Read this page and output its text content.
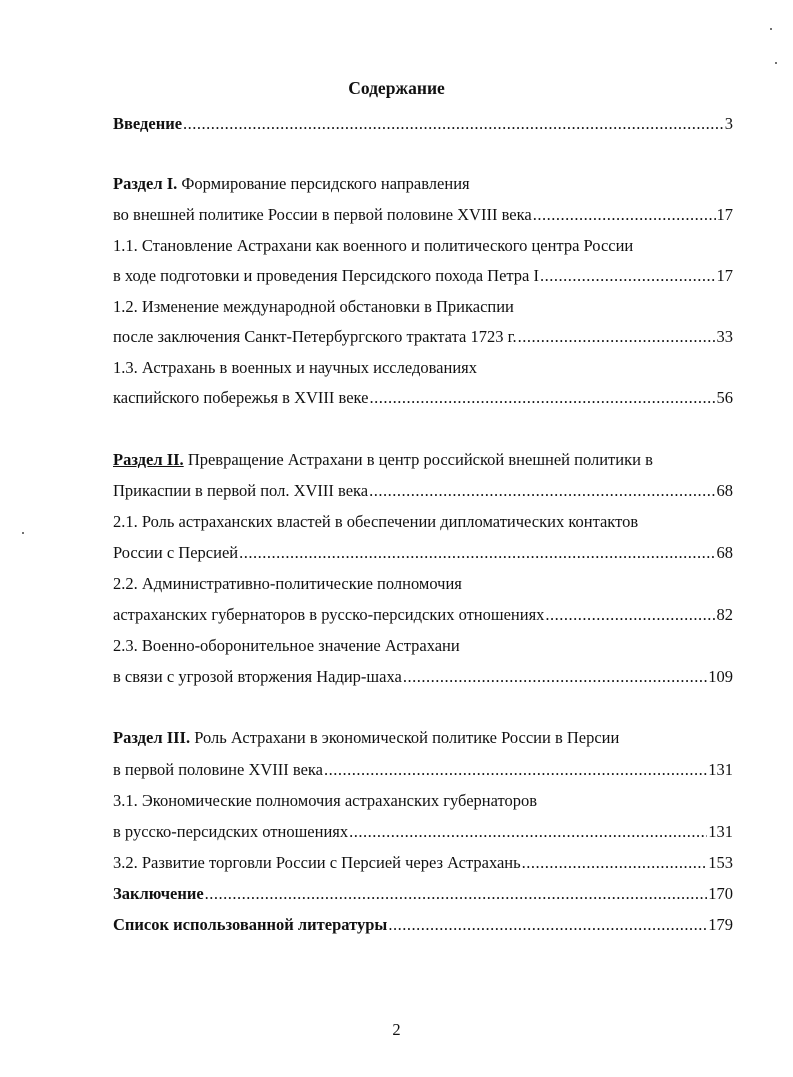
Содержание
Введение .....	3
Раздел I. Формирование персидского направления
во внешней политике России в первой половине XVIII века .....	17
1.1. Становление Астрахани как военного и политического центра России
в ходе подготовки и проведения Персидского похода Петра I .....	17
1.2. Изменение международной обстановки в Прикаспии
после заключения Санкт-Петербургского трактата 1723 г. .....	33
1.3. Астрахань в военных и научных исследованиях
каспийского побережья в XVIII веке .....	56
Раздел II. Превращение Астрахани в центр российской внешней политики в
Прикаспии в первой пол. XVIII века .....	68
2.1. Роль астраханских властей в обеспечении дипломатических контактов
России с Персией .....	68
2.2. Административно-политические полномочия
астраханских губернаторов в русско-персидских отношениях .....	82
2.3. Военно-оборонительное значение Астрахани
в связи с угрозой вторжения Надир-шаха .....	109
Раздел III. Роль Астрахани в экономической политике России в Персии
в первой половине XVIII века .....	131
3.1. Экономические полномочия астраханских губернаторов
в русско-персидских отношениях .....	131
3.2. Развитие торговли России с Персией через Астрахань .....	153
Заключение .....	170
Список использованной литературы .....	179
2
